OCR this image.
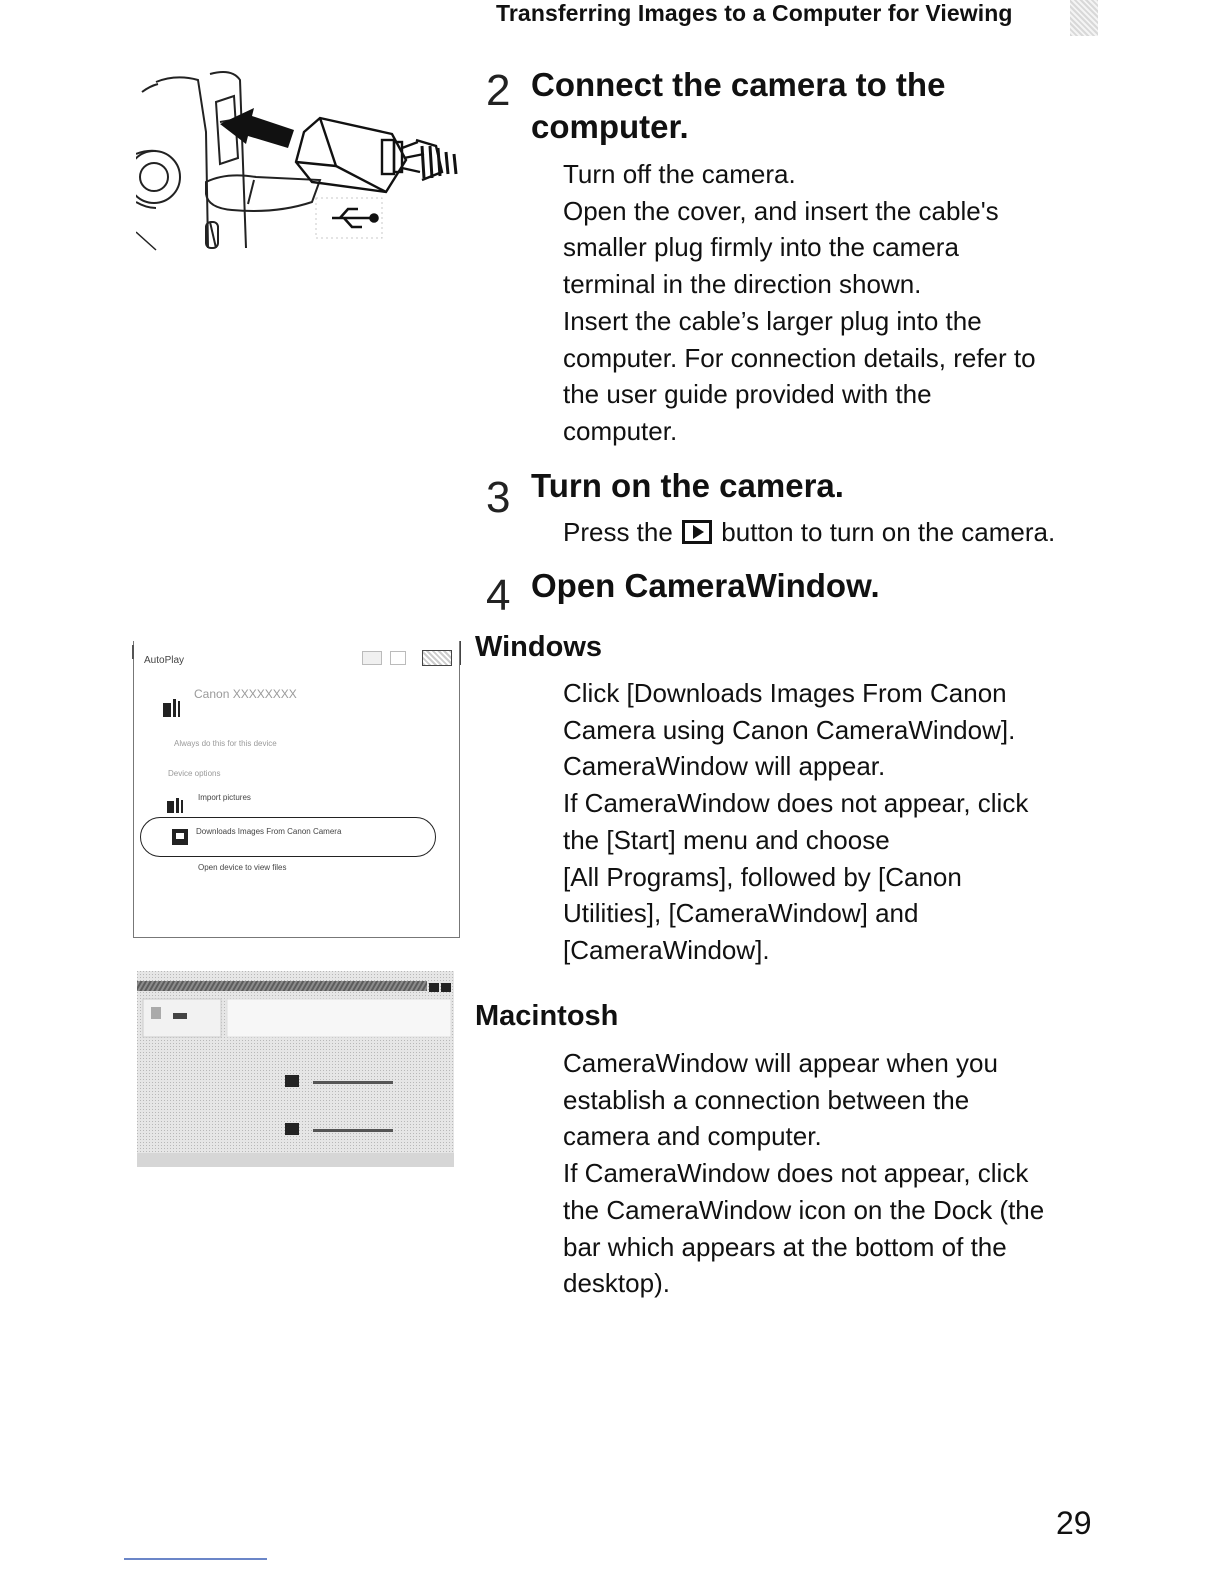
Transferring Images to a Computer for Viewing
2 Connect the camera to the
computer.
Turn off the camera.
Open the cover, and insert the cable's
smaller plug firmly into the camera
terminal in the direction shown.
Insert the cable’s larger plug into the
computer. For connection details, refer to
the user guide provided with the
computer.
3 Turn on the camera.
Press the button to turn on the camera.
4 Open CameraWindow.
Windows
Click [Downloads Images From Canon
Camera using Canon CameraWindow].
CameraWindow will appear.
If CameraWindow does not appear, click
the [Start] menu and choose
[All Programs], followed by [Canon
Utilities], [CameraWindow] and
[CameraWindow].
Macintosh
CameraWindow will appear when you
establish a connection between the
camera and computer.
If CameraWindow does not appear, click
the CameraWindow icon on the Dock (the
bar which appears at the bottom of the
desktop).
AutoPlay
Canon XXXXXXXX
Always do this for this device
Device options
Import pictures
Downloads Images From Canon Camera
Open device to view files
29
